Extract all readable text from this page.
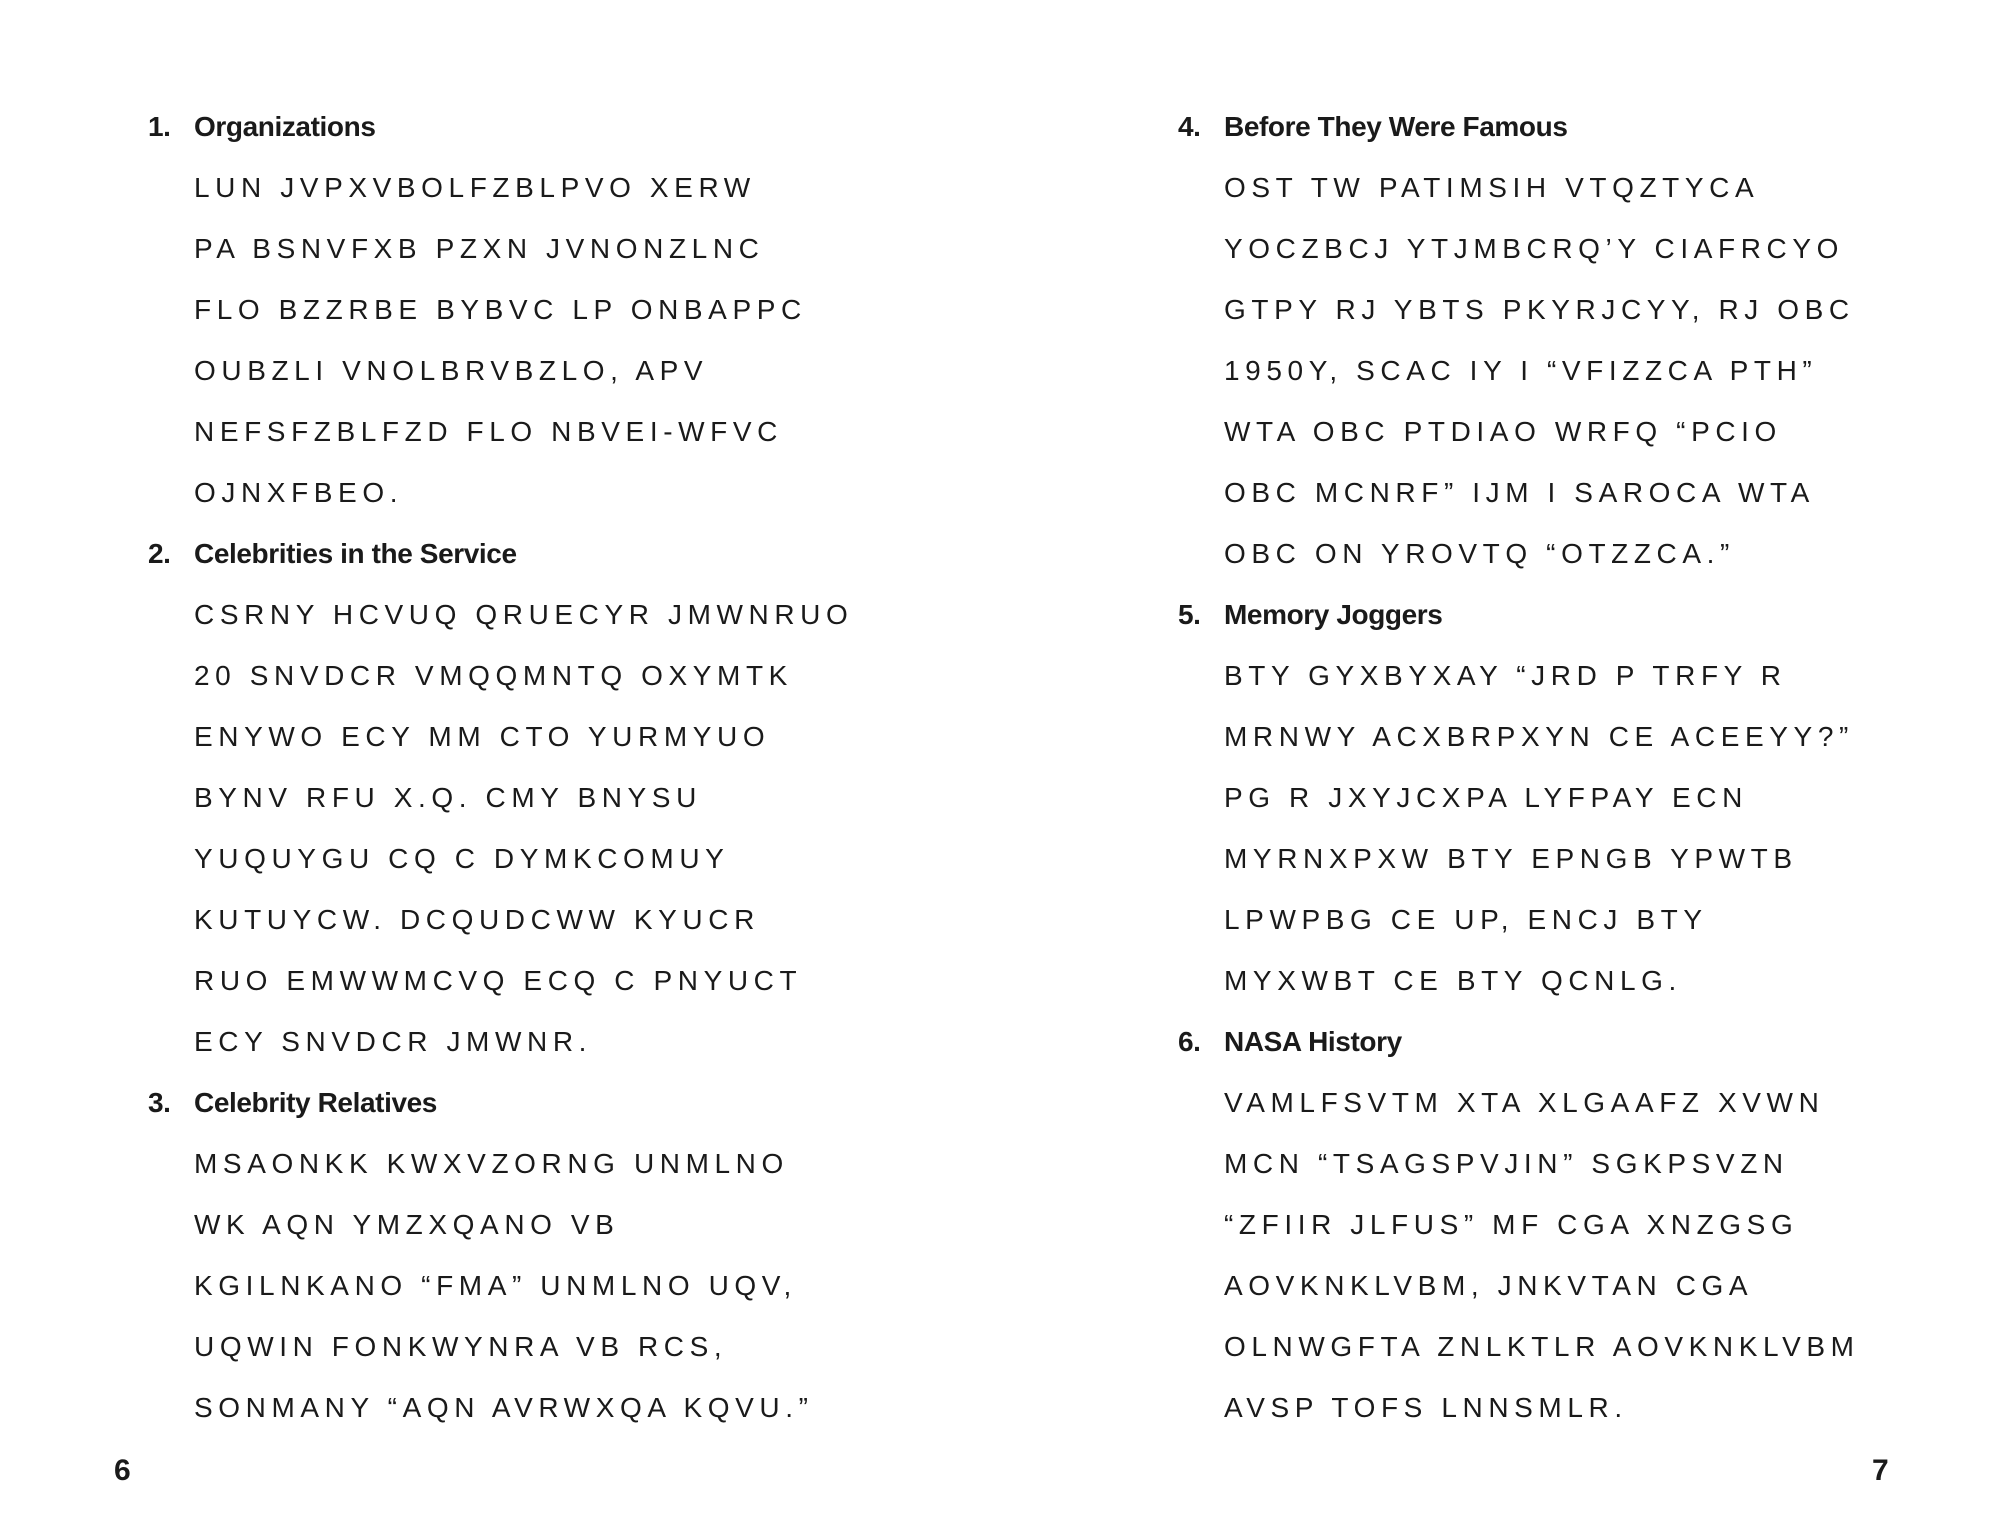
1. Organizations
LUN JVPXVBOLFZBLPVO XERW
PA BSNVFXB PZXN JVNONZLNC
FLO BZZRBE BYBVC LP ONBAPPC
OUBZLI VNOLBRVBZLO, APV
NEFSFZBLFZD FLO NBVEI-WFVC
OJNXFBEO.
2. Celebrities in the Service
CSRNY HCVUQ QRUECYR JMWNRUO
20 SNVDCR VMQQMNTQ OXYMTK
ENYWO ECY MM CTO YURMYUO
BYNV RFU X.Q. CMY BNYSU
YUQUYGU CQ C DYMKCOMUY
KUTUYCW. DCQUDCWW KYUCR
RUO EMWWMCVQ ECQ C PNYUCT
ECY SNVDCR JMWNR.
3. Celebrity Relatives
MSAONKK KWXVZORNG UNMLNO
WK AQN YMZXQANO VB
KGILNKANO “FMA” UNMLNO UQV,
UQWIN FONKWYNRA VB RCS,
SONMANY “AQN AVRWXQA KQVU.”
4. Before They Were Famous
OST TW PATIMSIH VTQZTYCA
YOCZBCJ YTJMBCRQ’Y CIAFRCYO
GTPY RJ YBTS PKYRJCYY, RJ OBC
1950Y, SCAC IY I “VFIZZCA PTH”
WTA OBC PTDIAO WRFQ “PCIO
OBC MCNRF” IJM I SAROCA WTA
OBC ON YROVTQ “OTZZCA.”
5. Memory Joggers
BTY GYXBYXAY “JRD P TRFY R
MRNWY ACXBRPXYN CE ACEEYY?”
PG R JXYJCXPA LYFPAY ECN
MYRNXPXW BTY EPNGB YPWTB
LPWPBG CE UP, ENCJ BTY
MYXWBT CE BTY QCNLG.
6. NASA History
VAMLFSVTM XTA XLGAAFZ XVWN
MCN “TSAGSPVJIN” SGKPSVZN
“ZFIIR JLFUS” MF CGA XNZGSG
AOVKNKLVBM, JNKVTAN CGA
OLNWGFTA ZNLKTLR AOVKNKLVBM
AVSP TOFS LNNSMLR.
6	7
